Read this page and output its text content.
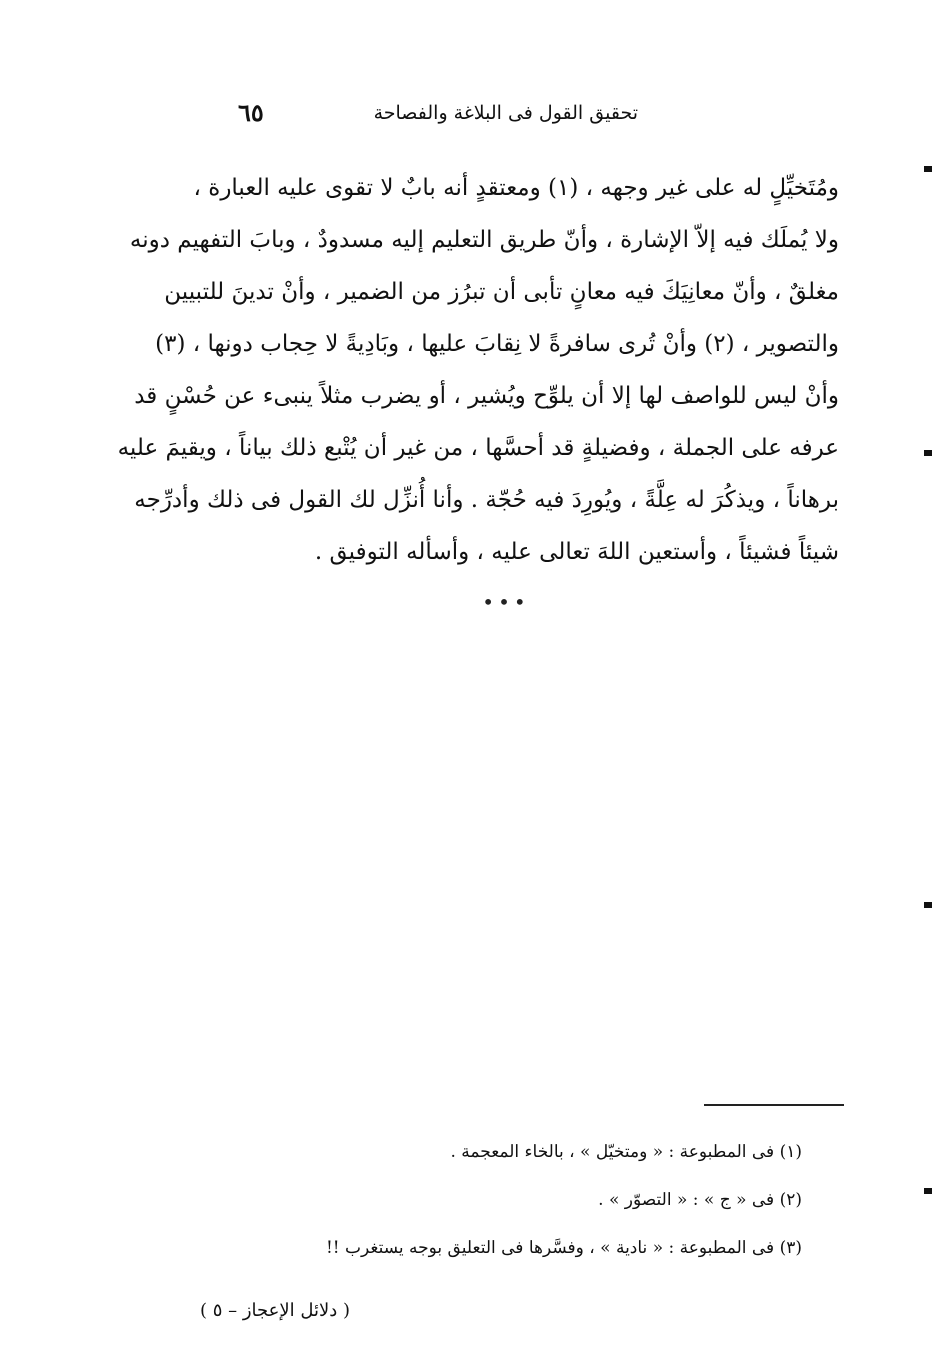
تحقيق القول فى البلاغة والفصاحة
٦٥
ومُتَخيِّلٍ له على غير وجهه ، (١) ومعتقدٍ أنه بابٌ لا تقوى عليه العبارة ،
ولا يُملَك فيه إلاّ الإشارة ، وأنّ طريق التعليم إليه مسدودٌ ، وبابَ التفهيم دونه
مغلقٌ ، وأنّ معانِيَكَ فيه معانٍ تأبى أن تبرُز من الضمير ، وأنْ تدينَ للتبيين
والتصوير ، (٢) وأنْ تُرى سافرةً لا نِقابَ عليها ، وبَادِيةً لا حِجاب دونها ، (٣)
وأنْ ليس للواصف لها إلا أن يلوِّح ويُشير ، أو يضرب مثلاً ينبىء عن حُسْنٍ قد
عرفه على الجملة ، وفضيلةٍ قد أحسَّها ، من غير أن يُتْبع ذلك بياناً ، ويقيمَ عليه
برهاناً ، ويذكُرَ له عِلَّةً ، ويُورِدَ فيه حُجّة . وأنا أُنزِّل لك القول فى ذلك وأدرِّجه
شيئاً فشيئاً ، وأستعين اللهَ تعالى عليه ، وأسأله التوفيق .
•••
(١) فى المطبوعة : « ومتخيّل » ، بالخاء المعجمة .
(٢) فى « ج » : « التصوّر » .
(٣) فى المطبوعة : « نادية » ، وفسَّرها فى التعليق بوجه يستغرب !!
( دلائل الإعجاز – ٥ )
